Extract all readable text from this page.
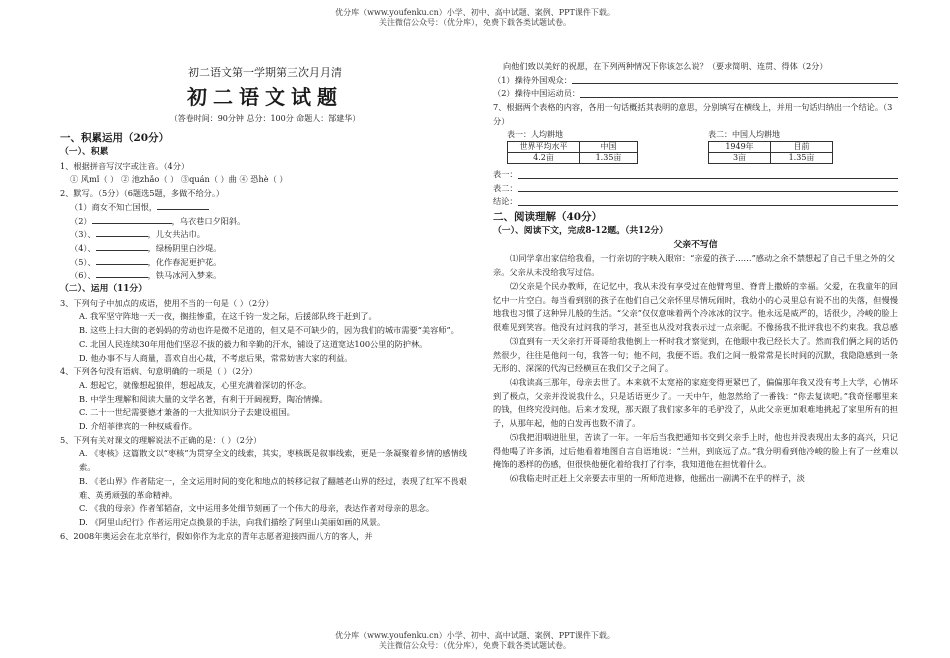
优分库（www.youfenku.cn）小学、初中、高中试题、案例、PPT课件下载。
关注微信公众号：（优分库），免费下载各类试题试卷。
初二语文第一学期第三次月月清
初二语文试题
（答卷时间：90分钟 总分：100分 命题人：郜建华）
一、积累运用（20分）
（一）、积累
1、根据拼音写汉字或注音。（4分）
① 风mǐ（ ） ② 池zhǎo（ ） ③quán（ ）曲 ④ 恐hè（ ）
2、默写。（5分）（6题选5题，多做不给分。）
（1）商女不知亡国恨，
（2）	，乌衣巷口夕阳斜。
（3）、	，儿女共沾巾。
（4）、	，绿杨阴里白沙堤。
（5）、	，化作春泥更护花。
（6）、	，铁马冰河入梦来。
（二）、运用（11分）
3、下列句子中加点的成语，使用不当的一句是（ ）（2分）
A. 我军坚守阵地一天一夜，搁挂惨重，在这千钧一发之际，后援部队终于赶到了。
B. 这些上扫大街的老妈妈的劳动也许是微不足道的，但又是不可缺少的，因为我们的城市需要“美容师”。
C. 北国人民连续30年用他们坚忍不拔的毅力和辛勤的汗水，铺设了这道宽达100公里的防护林。
D. 他办事不与人商量，喜欢自出心裁，不考虑后果，常常妨害大家的利益。
4、下列各句没有语病、句意明确的一项是（ ）（2分）
A. 想起它，就像想起狼伴，想起战友，心里充满着深切的怀念。
B. 中学生理解和阅读大量的文学名著，有利于开阔视野，陶冶情操。
C. 二十一世纪需要德才兼备的一大批知识分子去建设祖国。
D. 介绍菲律宾的一种权威看作。
5、下列有关对课文的理解说法不正确的是：（ ）（2分）
A. 《枣核》这篇散文以“枣核”为贯穿全文的线索，其实，枣核既是叙事线索，更是一条凝聚着乡情的感情线索。
B. 《老山界》作者陆定一，全文运用时间的变化和地点的转移记叙了翻越老山界的经过，表现了红军不畏艰难、英勇顽强的革命精神。
C. 《我的母亲》作者邹韬奋，文中运用多处细节刻画了一个伟大的母亲，表达作者对母亲的思念。
D. 《阿里山纪行》作者运用定点换景的手法，向我们描绘了阿里山美丽如画的风景。
6、2008年奥运会在北京举行，假如你作为北京的青年志愿者迎接四面八方的客人，并
向他们致以美好的祝愿，在下列两种情况下你该怎么说？（要求简明、连贯、得体（2分）
（1）操待外国观众：
（2）操待中国运动员：
7、根据两个表格的内容，各用一句话概括其表明的意思，分别填写在横线上，并用一句话归纳出一个结论。（3分）
表一：人均耕地
世界平均水平	中国
4.2亩	1.35亩
表二：中国人均耕地
1949年	目前
3亩	1.35亩
表一：
表二：
结论：
二、阅读理解（40分）
（一）、阅读下文，完成8-12题。（共12分）
父亲不写信
⑴同学拿出家信给我看，一行亲切的字映入眼帘：“亲爱的孩子……”感动之余不禁想起了自己千里之外的父亲。父亲从未没给我写过信。
⑵父亲是个民办教师，在记忆中，我从未没有享受过在他臂弯里、脊背上撒娇的幸福。父爱，在我童年的回忆中一片空白。每当看到别的孩子在他们自己父亲怀里尽情玩闹时，我幼小的心灵里总有说不出的失落，但慢慢地我也习惯了这种异儿般的生活。“父亲”仅仅意味着两个冷冰冰的汉字。他永远是威严的，话很少，冷峻的脸上很难见到笑容。他没有过问我的学习，甚至也从没对我表示过一点亲昵。不像扬我不批评我也不约束我。我总感
⑶直到有一天父亲打开哥哥给我他倒上一杯时我才察觉到，在他眼中我已经长大了。然而我们俩之间的话仍然很少，往往是他问一句，我答一句；他不问，我便不语。我们之间一般常常是长时间的沉默，我隐隐感到一条无形的、深深的代沟已经横亘在我们父子之间了。
⑷我读高三那年，母亲去世了。本来就不太宽裕的家庭变得更紧巴了，偏偏那年我又没有考上大学，心情坏到了极点，父亲并没说我什么，只是话语更少了。一天中午，他忽然给了一番钱：“你去复读吧。”我奇怪哪里来的钱，但终究没问他。后来才发现，那天跟了我们家多年的毛驴没了，从此父亲更加艰难地挑起了家里所有的担子，从那年起，他的白发再也数不清了。
⑸我把泪咽进肚里，苦读了一年。一年后当我把通知书交到父亲手上时，他也并没表现出太多的高兴，只记得他喝了许多酒，过后他看着地图自言自语地说：“兰州，到底远了点。”我分明看到他冷峻的脸上有了一丝难以掩饰的悉样的伤感，但很快他便化着给我打了行李，我知道他在担忧着什么。
⑹我临走时正赶上父亲要去市里的一所师范进修，他摇出一副满不在乎的样子，淡
优分库（www.youfenku.cn）小学、初中、高中试题、案例、PPT课件下载。
关注微信公众号：（优分库），免费下载各类试题试卷。
